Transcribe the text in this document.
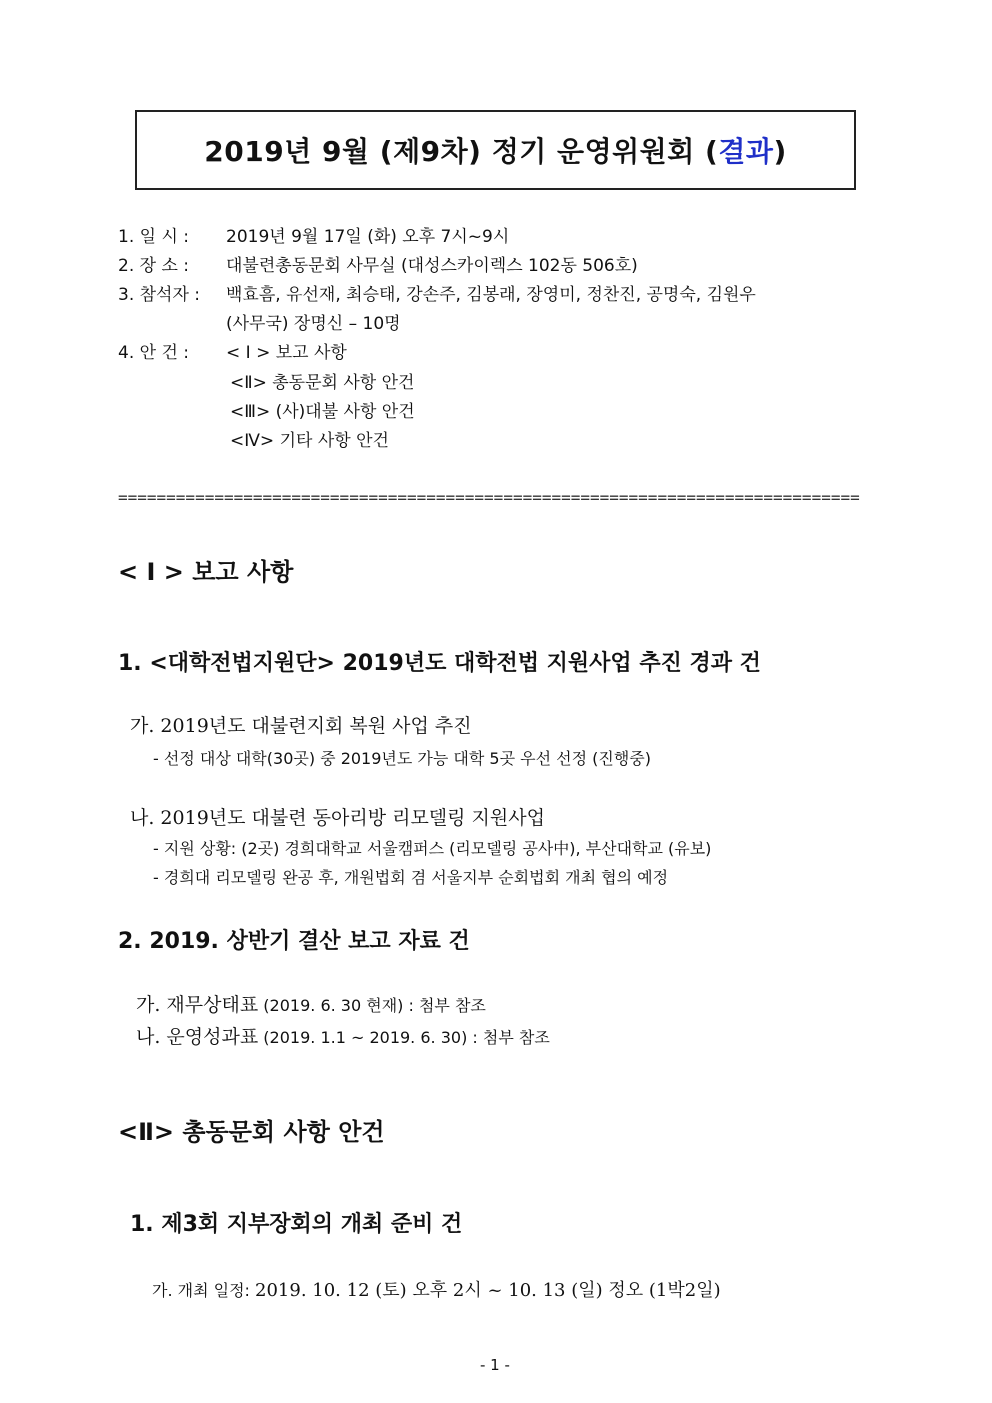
2019년 9월 (제9차) 정기 운영위원회 (결과)
1. 일 시 : 2019년 9월 17일 (화) 오후 7시~9시
2. 장 소 : 대불련총동문회 사무실 (대성스카이렉스 102동 506호)
3. 참석자 : 백효흠, 유선재, 최승태, 강손주, 김봉래, 장영미, 정찬진, 공명숙, 김원우
(사무국) 장명신 – 10명
4. 안 건 : < Ⅰ > 보고 사항
<Ⅱ> 총동문회 사항 안건
<Ⅲ> (사)대불 사항 안건
<Ⅳ> 기타 사항 안건
=============================================================================
< Ⅰ > 보고 사항
1. <대학전법지원단> 2019년도 대학전법 지원사업 추진 경과 건
가. 2019년도 대불련지회 복원 사업 추진
- 선정 대상 대학(30곳) 중 2019년도 가능 대학 5곳 우선 선정 (진행중)
나. 2019년도 대불련 동아리방 리모델링 지원사업
- 지원 상황: (2곳) 경희대학교 서울캠퍼스 (리모델링 공사中), 부산대학교 (유보)
- 경희대 리모델링 완공 후, 개원법회 겸 서울지부 순회법회 개최 협의 예정
2. 2019. 상반기 결산 보고 자료 건
가. 재무상태표 (2019. 6. 30 현재) : 첨부 참조
나. 운영성과표 (2019. 1.1 ~ 2019. 6. 30) : 첨부 참조
<Ⅱ> 총동문회 사항 안건
1. 제3회 지부장회의 개최 준비 건
가. 개최 일정: 2019. 10. 12 (토) 오후 2시 ~ 10. 13 (일) 정오 (1박2일)
- 1 -
